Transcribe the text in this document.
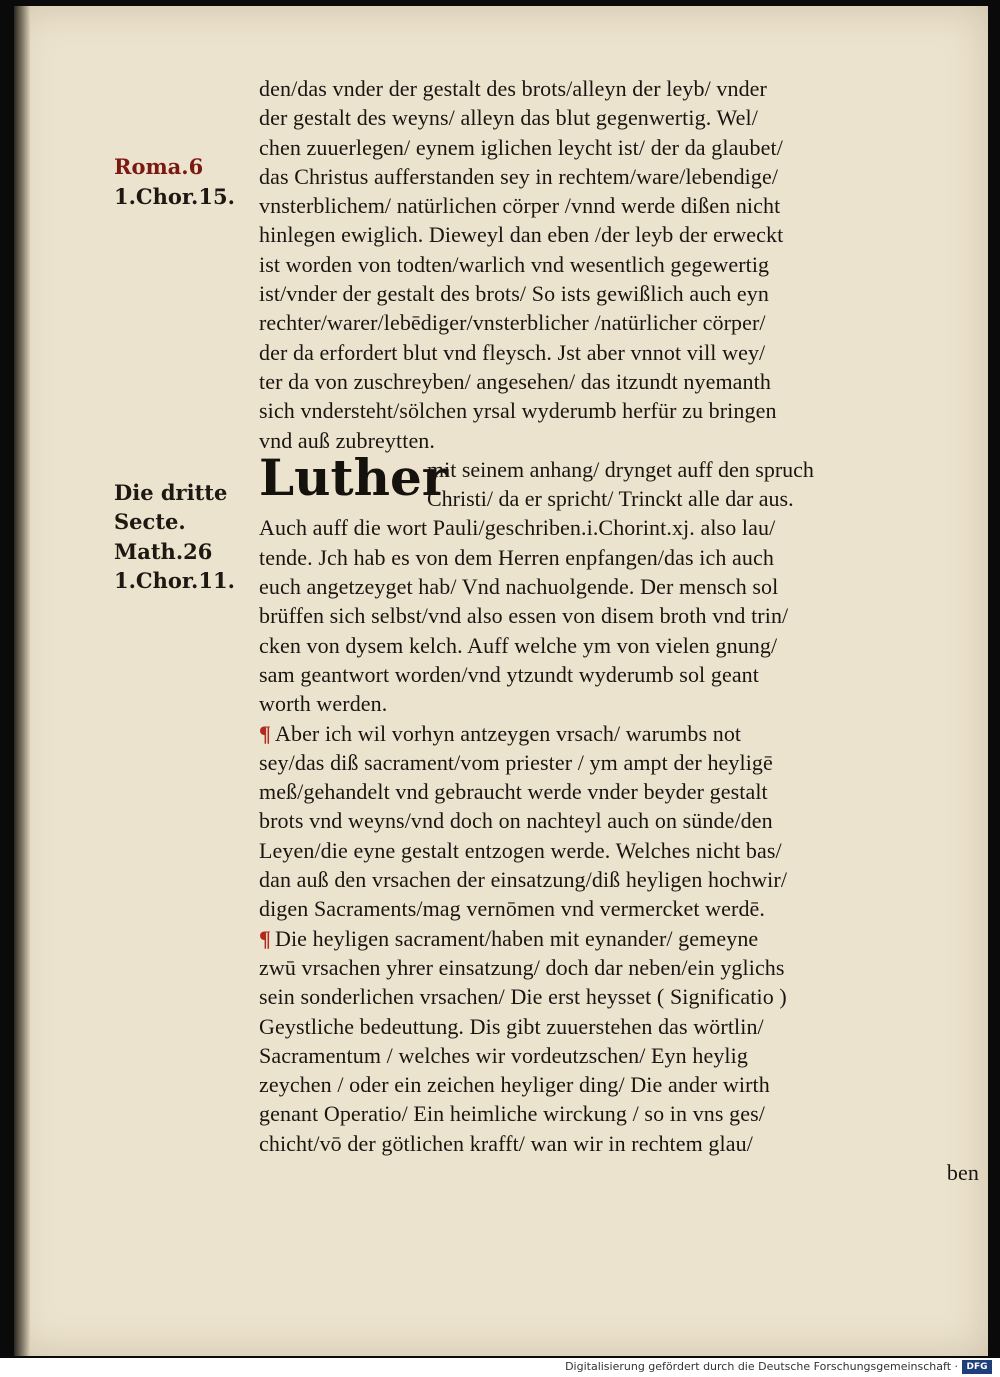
Roma.6
1.Chor.15.
Die dritte
Secte.
Math.26
1.Chor.11.
den/das vnder der gestalt des brots/alleyn der leyb/ vnder
der gestalt des weyns/ alleyn das blut gegenwertig. Wel/
chen zuuerlegen/ eynem iglichen leycht ist/ der da glaubet/
das Christus aufferstanden sey in rechtem/ware/lebendige/
vnsterblichem/ natürlichen cörper /vnnd werde dißen nicht
hinlegen ewiglich. Dieweyl dan eben /der leyb der erweckt
ist worden von todten/warlich vnd wesentlich gegewertig
ist/vnder der gestalt des brots/ So ists gewißlich auch eyn
rechter/warer/lebēdiger/vnsterblicher /natürlicher cörper/
der da erfordert blut vnd fleysch. Jst aber vnnot vill wey/
ter da von zuschreyben/ angesehen/ das itzundt nyemanth
sich vndersteht/sölchen yrsal wyderumb herfür zu bringen
vnd auß zubreytten.
Luther
mit seinem anhang/ drynget auff den spruch
Christi/ da er spricht/ Trinckt alle dar aus.
Auch auff die wort Pauli/geschriben.i.Chorint.xj. also lau/
tende. Jch hab es von dem Herren enpfangen/das ich auch
euch angetzeyget hab/ Vnd nachuolgende. Der mensch sol
brüffen sich selbst/vnd also essen von disem broth vnd trin/
cken von dysem kelch. Auff welche ym von vielen gnung/
sam geantwort worden/vnd ytzundt wyderumb sol geant
worth werden.
¶ Aber ich wil vorhyn antzeygen vrsach/ warumbs not
sey/das diß sacrament/vom priester / ym ampt der heyligē
meß/gehandelt vnd gebraucht werde vnder beyder gestalt
brots vnd weyns/vnd doch on nachteyl auch on sünde/den
Leyen/die eyne gestalt entzogen werde. Welches nicht bas/
dan auß den vrsachen der einsatzung/diß heyligen hochwir/
digen Sacraments/mag vernōmen vnd vermercket werdē.
¶ Die heyligen sacrament/haben mit eynander/ gemeyne
zwū vrsachen yhrer einsatzung/ doch dar neben/ein yglichs
sein sonderlichen vrsachen/ Die erst heysset ( Significatio )
Geystliche bedeuttung. Dis gibt zuuerstehen das wörtlin/
Sacramentum / welches wir vordeutzschen/ Eyn heylig
zeychen / oder ein zeichen heyliger ding/ Die ander wirth
genant Operatio/ Ein heimliche wirckung / so in vns ges/
chicht/vō der götlichen krafft/ wan wir in rechtem glau/
ben
Digitalisierung gefördert durch die Deutsche Forschungsgemeinschaft · DFG
